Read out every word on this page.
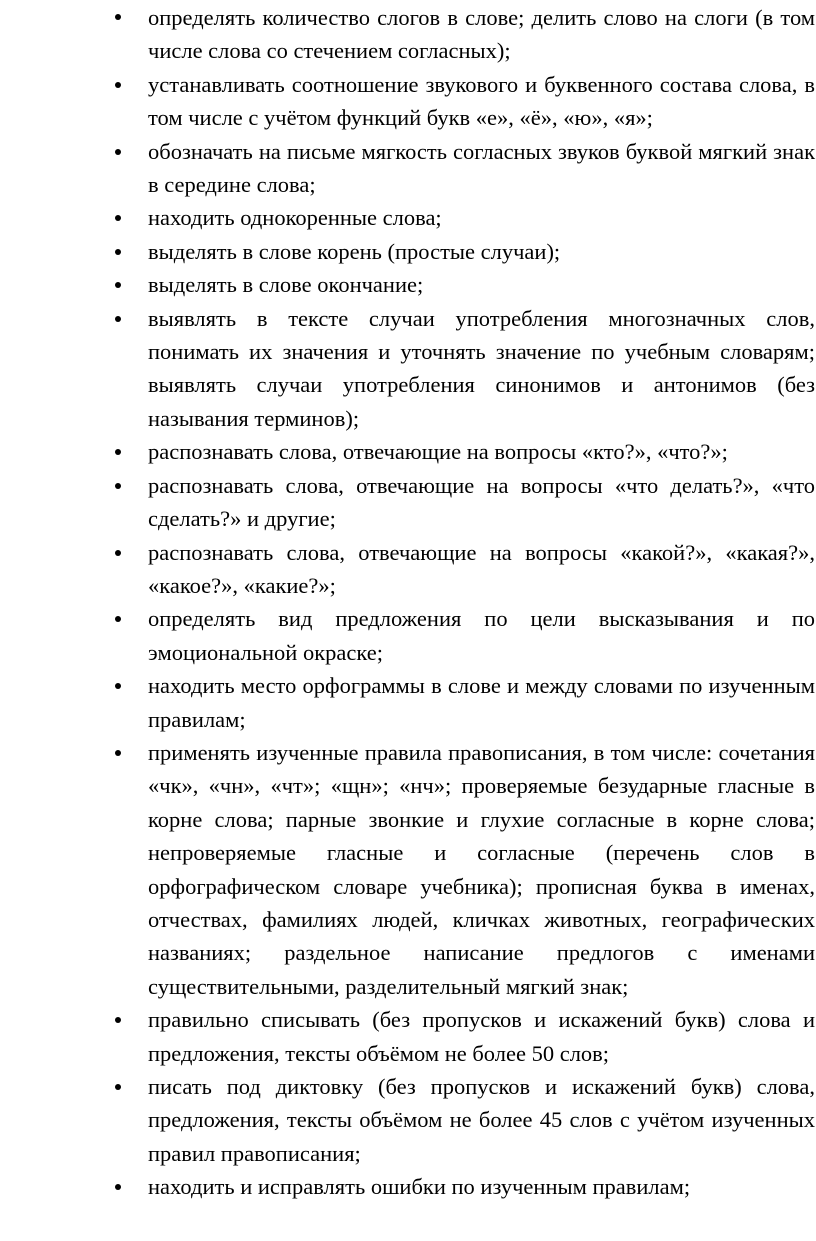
определять количество слогов в слове; делить слово на слоги (в том числе слова со стечением согласных);
устанавливать соотношение звукового и буквенного состава слова, в том числе с учётом функций букв «е», «ё», «ю», «я»;
обозначать на письме мягкость согласных звуков буквой мягкий знак в середине слова;
находить однокоренные слова;
выделять в слове корень (простые случаи);
выделять в слове окончание;
выявлять в тексте случаи употребления многозначных слов, понимать их значения и уточнять значение по учебным словарям; выявлять случаи употребления синонимов и антонимов (без называния терминов);
распознавать слова, отвечающие на вопросы «кто?», «что?»;
распознавать слова, отвечающие на вопросы «что делать?», «что сделать?» и другие;
распознавать слова, отвечающие на вопросы «какой?», «какая?», «какое?», «какие?»;
определять вид предложения по цели высказывания и по эмоциональной окраске;
находить место орфограммы в слове и между словами по изученным правилам;
применять изученные правила правописания, в том числе: сочетания «чк», «чн», «чт»; «щн»; «нч»; проверяемые безударные гласные в корне слова; парные звонкие и глухие согласные в корне слова; непроверяемые гласные и согласные (перечень слов в орфографическом словаре учебника); прописная буква в именах, отчествах, фамилиях людей, кличках животных, географических названиях; раздельное написание предлогов с именами существительными, разделительный мягкий знак;
правильно списывать (без пропусков и искажений букв) слова и предложения, тексты объёмом не более 50 слов;
писать под диктовку (без пропусков и искажений букв) слова, предложения, тексты объёмом не более 45 слов с учётом изученных правил правописания;
находить и исправлять ошибки по изученным правилам;
